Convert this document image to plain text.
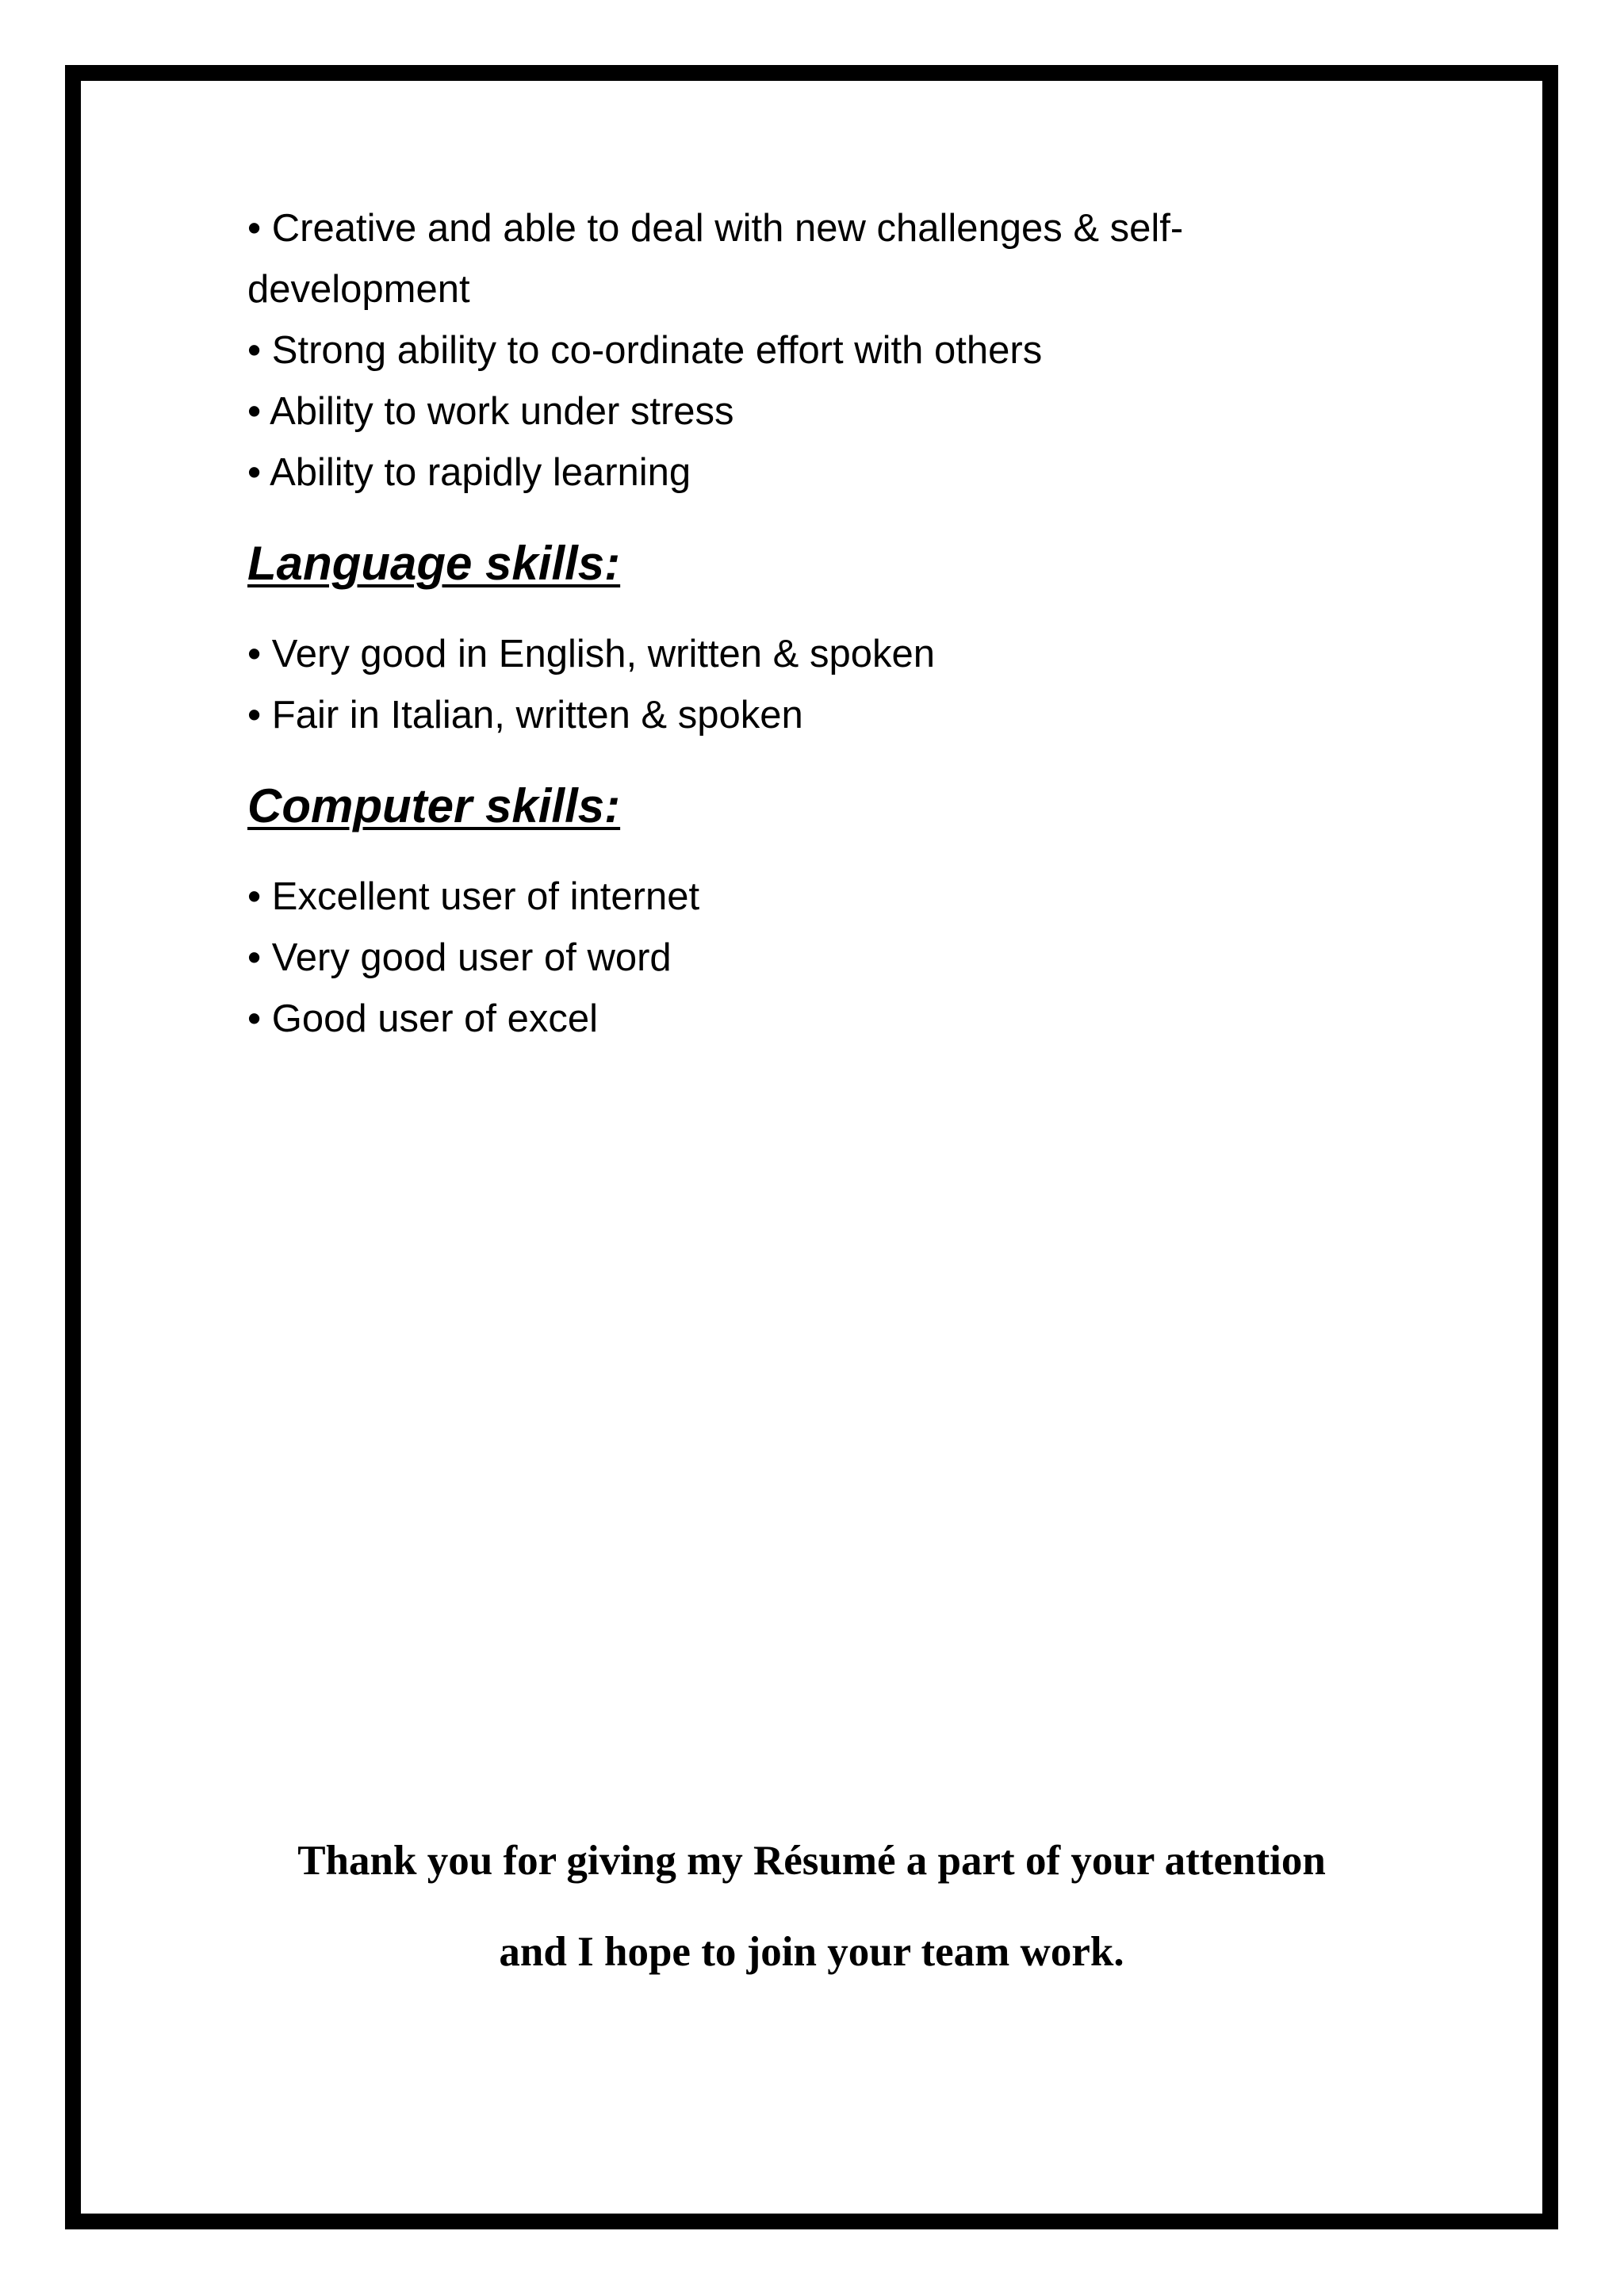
• Creative and able to deal with new challenges & self-development
• Strong ability to co-ordinate effort with others
• Ability to work under stress
• Ability to rapidly learning
Language skills:
• Very good in English, written & spoken
• Fair in Italian, written & spoken
Computer skills:
• Excellent user of internet
• Very good user of word
• Good user of excel
Thank you for giving my Résumé a part of your attention
and I hope to join your team work.
